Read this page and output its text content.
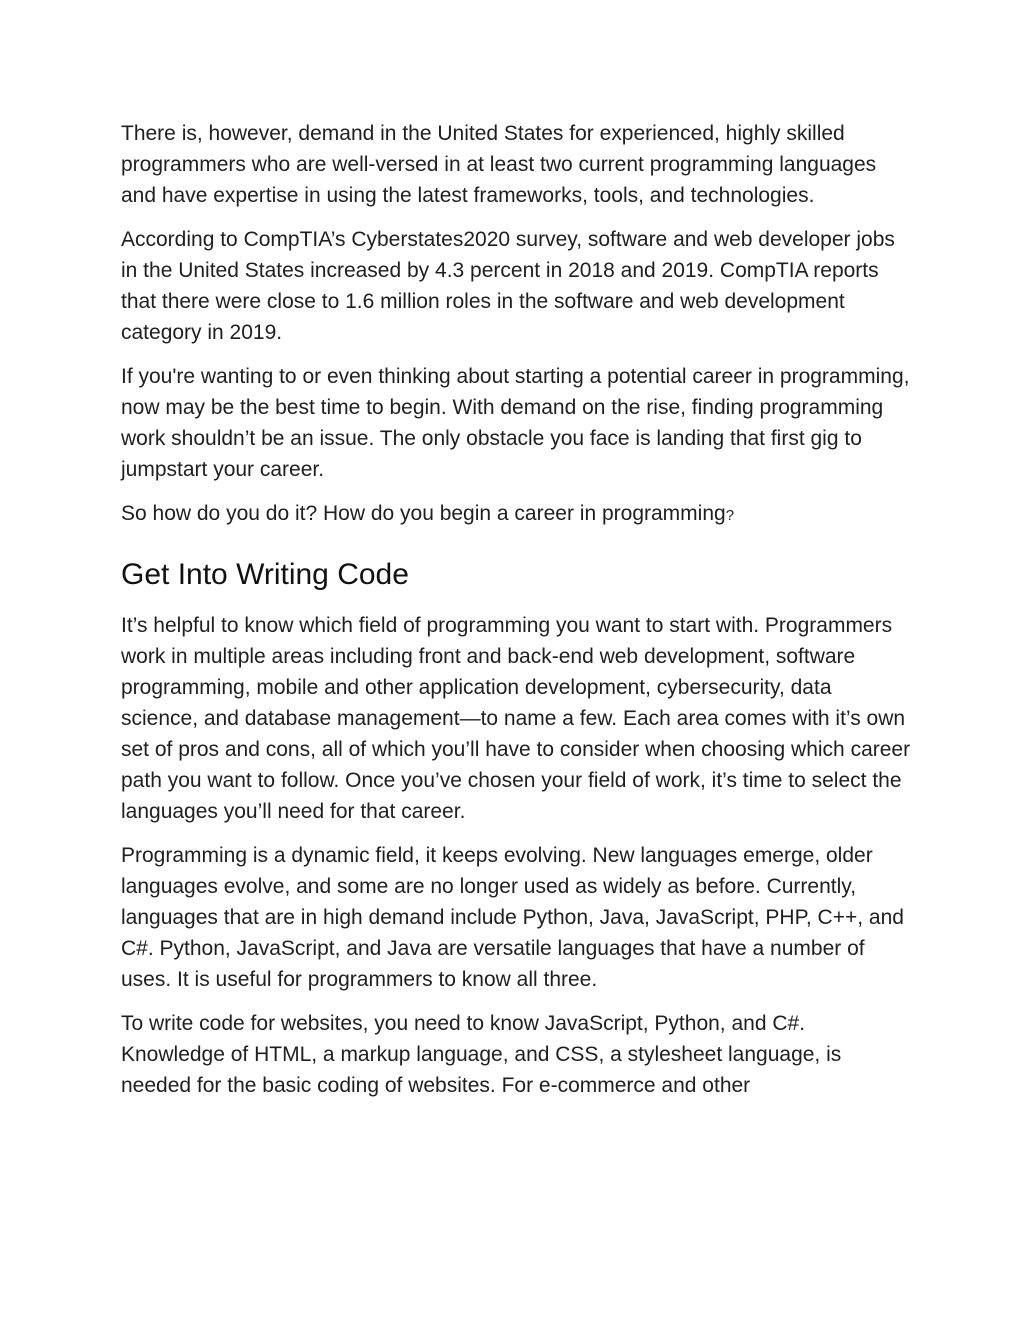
There is, however, demand in the United States for experienced, highly skilled programmers who are well-versed in at least two current programming languages and have expertise in using the latest frameworks, tools, and technologies.

According to CompTIA’s Cyberstates2020 survey, software and web developer jobs in the United States increased by 4.3 percent in 2018 and 2019. CompTIA reports that there were close to 1.6 million roles in the software and web development category in 2019.

If you're wanting to or even thinking about starting a potential career in programming, now may be the best time to begin. With demand on the rise, finding programming work shouldn’t be an issue. The only obstacle you face is landing that first gig to jumpstart your career.

So how do you do it? How do you begin a career in programming?

Get Into Writing Code

It’s helpful to know which field of programming you want to start with. Programmers work in multiple areas including front and back-end web development, software programming, mobile and other application development, cybersecurity, data science, and database management—to name a few. Each area comes with it’s own set of pros and cons, all of which you’ll have to consider when choosing which career path you want to follow. Once you’ve chosen your field of work, it’s time to select the languages you’ll need for that career.

Programming is a dynamic field, it keeps evolving. New languages emerge, older languages evolve, and some are no longer used as widely as before. Currently, languages that are in high demand include Python, Java, JavaScript, PHP, C++, and C#. Python, JavaScript, and Java are versatile languages that have a number of uses. It is useful for programmers to know all three.

To write code for websites, you need to know JavaScript, Python, and C#. Knowledge of HTML, a markup language, and CSS, a stylesheet language, is needed for the basic coding of websites. For e-commerce and other
